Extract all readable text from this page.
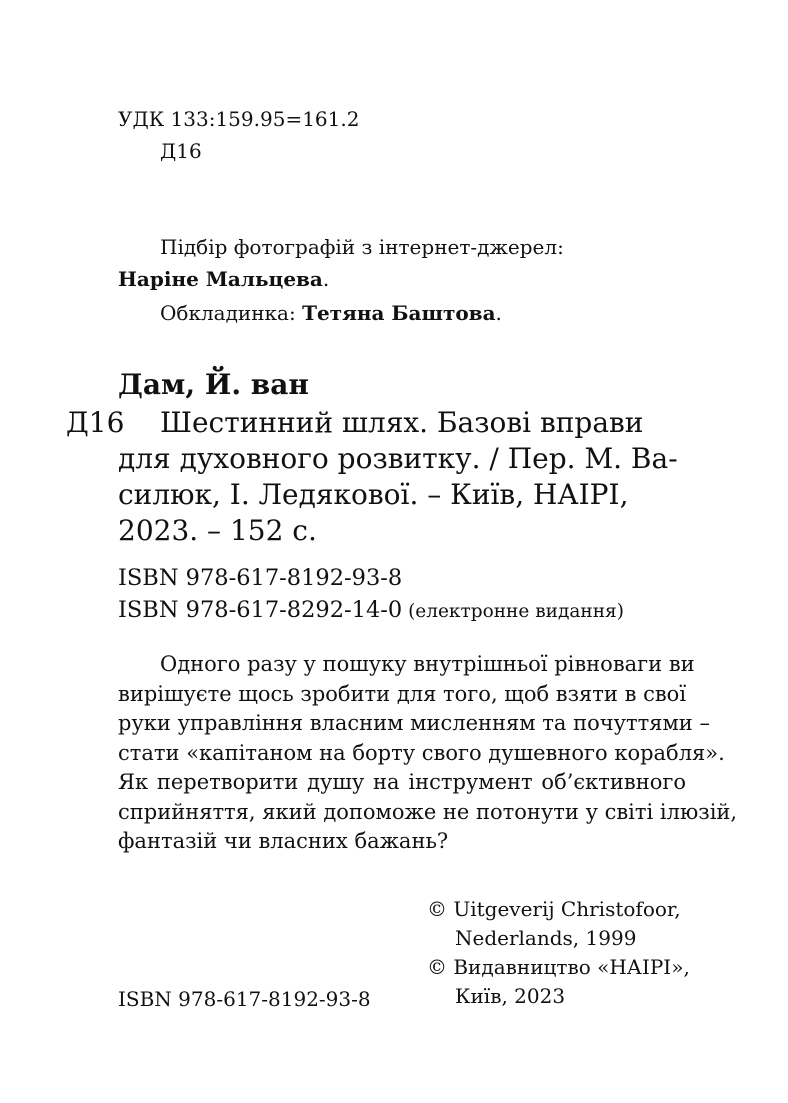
УДК 133:159.95=161.2
Д16
Підбір фотографій з інтернет-джерел:
Наріне Мальцева.
Обкладинка: Тетяна Баштова.
Дам, Й. ван
Д16 Шестинний шлях. Базові вправи
для духовного розвитку. / Пер. М. Ва-
силюк, І. Ледякової. – Київ, НАІРІ,
2023. – 152 с.
ISBN 978-617-8192-93-8
ISBN 978-617-8292-14-0 (електронне видання)
Одного разу у пошуку внутрішньої рівноваги ви
вирішуєте щось зробити для того, щоб взяти в свої
руки управління власним мисленням та почуттями –
стати «капітаном на борту свого душевного корабля».
Як перетворити душу на інструмент об’єктивного
сприйняття, який допоможе не потонути у світі ілюзій,
фантазій чи власних бажань?
© Uitgeverij Christofoor,
Nederlands, 1999
© Видавництво «НАІРІ»,
Київ, 2023
ISBN 978-617-8192-93-8
